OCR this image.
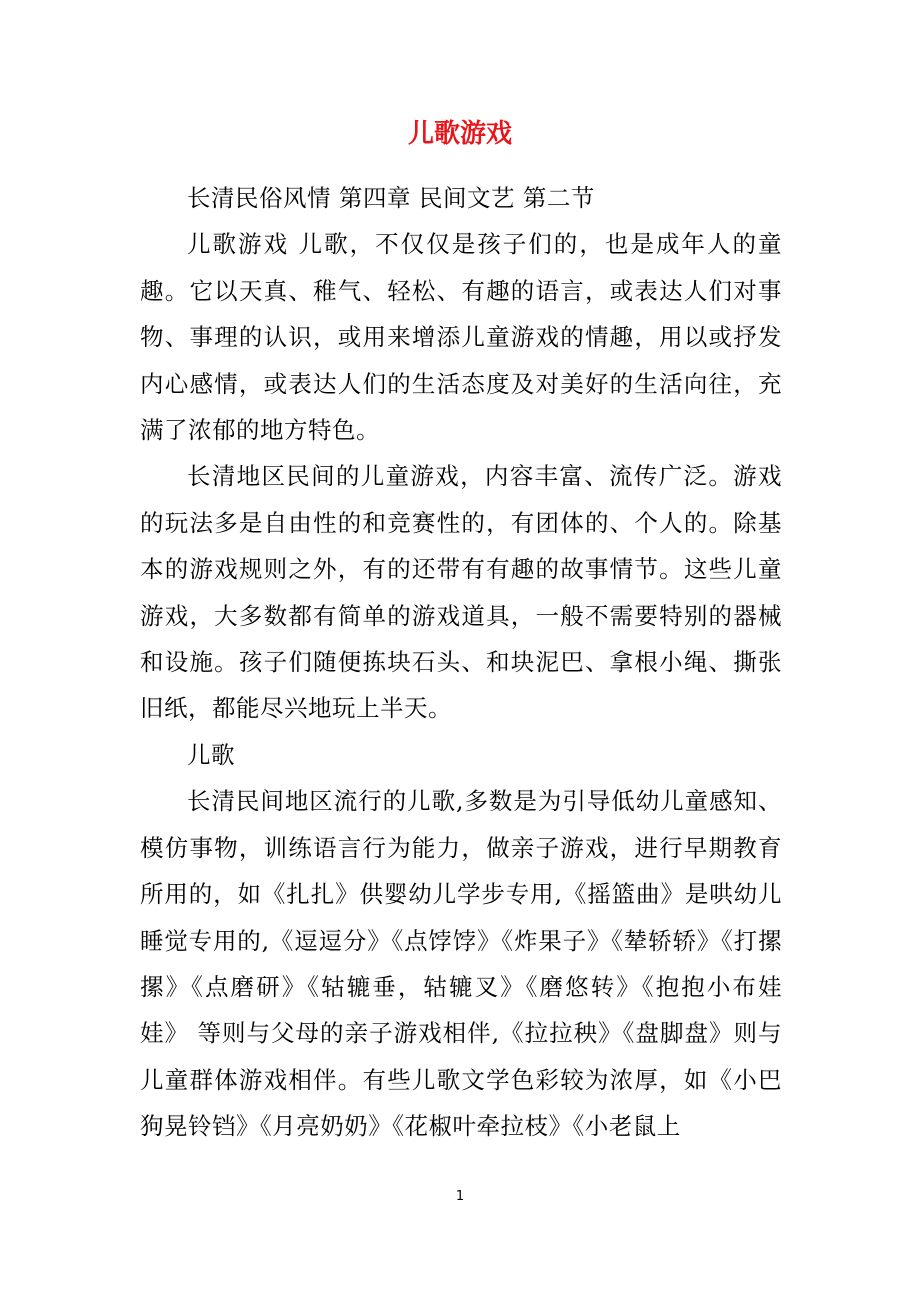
儿歌游戏

长清民俗风情 第四章 民间文艺 第二节

儿歌游戏 儿歌，不仅仅是孩子们的，也是成年人的童趣。它以天真、稚气、轻松、有趣的语言，或表达人们对事物、事理的认识，或用来增添儿童游戏的情趣，用以或抒发内心感情，或表达人们的生活态度及对美好的生活向往，充满了浓郁的地方特色。

长清地区民间的儿童游戏，内容丰富、流传广泛。游戏的玩法多是自由性的和竞赛性的，有团体的、个人的。除基本的游戏规则之外，有的还带有有趣的故事情节。这些儿童游戏，大多数都有简单的游戏道具，一般不需要特别的器械和设施。孩子们随便拣块石头、和块泥巴、拿根小绳、撕张旧纸，都能尽兴地玩上半天。

儿歌

长清民间地区流行的儿歌,多数是为引导低幼儿童感知、模仿事物，训练语言行为能力，做亲子游戏，进行早期教育所用的，如《扎扎》供婴幼儿学步专用,《摇篮曲》是哄幼儿睡觉专用的,《逗逗分》《点饽饽》《炸果子》《辇轿轿》《打摞摞》《点磨研》《轱辘垂，轱辘叉》《磨悠转》《抱抱小布娃娃》 等则与父母的亲子游戏相伴,《拉拉秧》《盘脚盘》则与儿童群体游戏相伴。有些儿歌文学色彩较为浓厚，如《小巴狗晃铃铛》《月亮奶奶》《花椒叶牵拉枝》《小老鼠上

1
